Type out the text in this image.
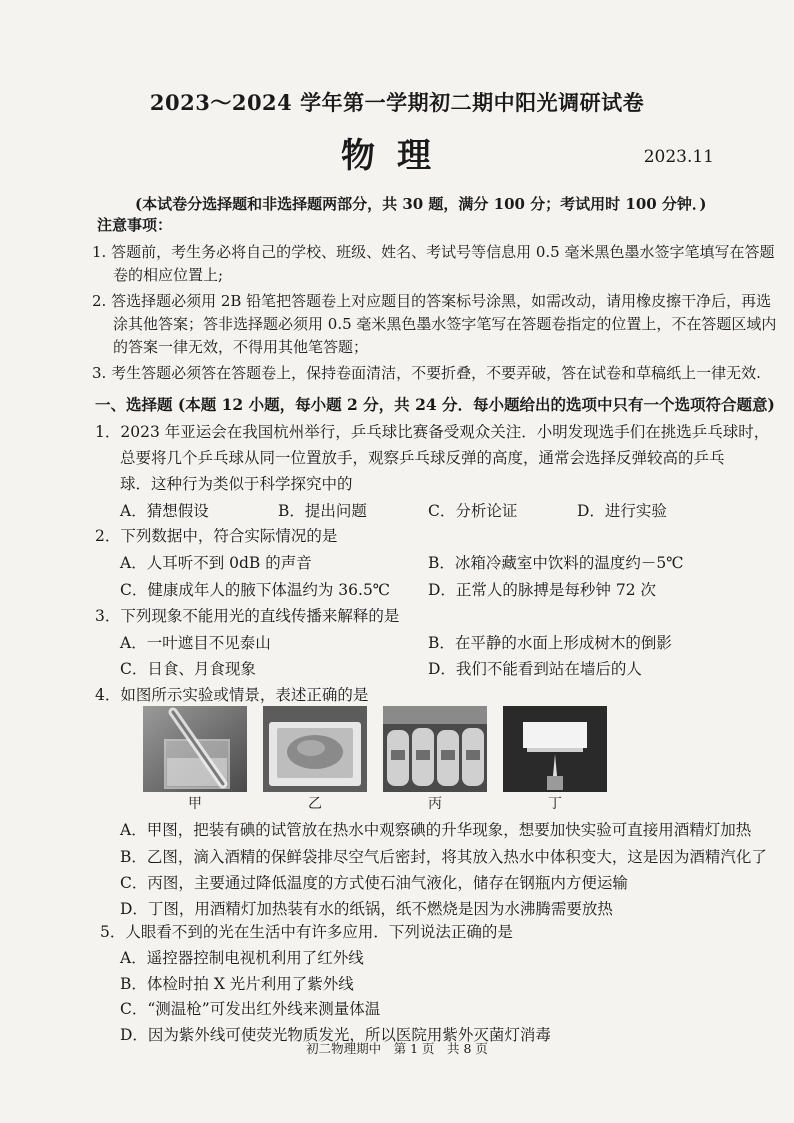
2023～2024 学年第一学期初二期中阳光调研试卷
物理	2023.11
(本试卷分选择题和非选择题两部分，共 30 题，满分 100 分；考试用时 100 分钟．)
注意事项：
1. 答题前，考生务必将自己的学校、班级、姓名、考试号等信息用 0.5 毫米黑色墨水签字笔填写在答题
卷的相应位置上;
2. 答选择题必须用 2B 铅笔把答题卷上对应题目的答案标号涂黑，如需改动，请用橡皮擦干净后，再选
涂其他答案；答非选择题必须用 0.5 毫米黑色墨水签字笔写在答题卷指定的位置上，不在答题区域内
的答案一律无效，不得用其他笔答题；
3. 考生答题必须答在答题卷上，保持卷面清洁，不要折叠，不要弄破，答在试卷和草稿纸上一律无效.
一、选择题 (本题 12 小题，每小题 2 分，共 24 分．每小题给出的选项中只有一个选项符合题意)
1．2023 年亚运会在我国杭州举行，乒乓球比赛备受观众关注．小明发现选手们在挑选乒乓球时，
总要将几个乒乓球从同一位置放手，观察乒乓球反弹的高度，通常会选择反弹较高的乒乓
球．这种行为类似于科学探究中的
A．猜想假设	B．提出问题	C．分析论证	D．进行实验
2．下列数据中，符合实际情况的是
A．人耳听不到 0dB 的声音	B．冰箱冷藏室中饮料的温度约－5℃
C．健康成年人的腋下体温约为 36.5℃ D．正常人的脉搏是每秒钟 72 次
3．下列现象不能用光的直线传播来解释的是
A．一叶遮目不见泰山	B．在平静的水面上形成树木的倒影
C．日食、月食现象	D．我们不能看到站在墙后的人
4．如图所示实验或情景，表述正确的是
甲	乙	丙	丁
A．甲图，把装有碘的试管放在热水中观察碘的升华现象，想要加快实验可直接用酒精灯加热
B．乙图，滴入酒精的保鲜袋排尽空气后密封，将其放入热水中体积变大，这是因为酒精汽化了
C．丙图，主要通过降低温度的方式使石油气液化，储存在钢瓶内方便运输
D．丁图，用酒精灯加热装有水的纸锅，纸不燃烧是因为水沸腾需要放热
5．人眼看不到的光在生活中有许多应用．下列说法正确的是
A．遥控器控制电视机利用了红外线
B．体检时拍 X 光片利用了紫外线
C．“测温枪”可发出红外线来测量体温
D．因为紫外线可使荧光物质发光，所以医院用紫外灭菌灯消毒
初二物理期中　第 1 页　共 8 页
